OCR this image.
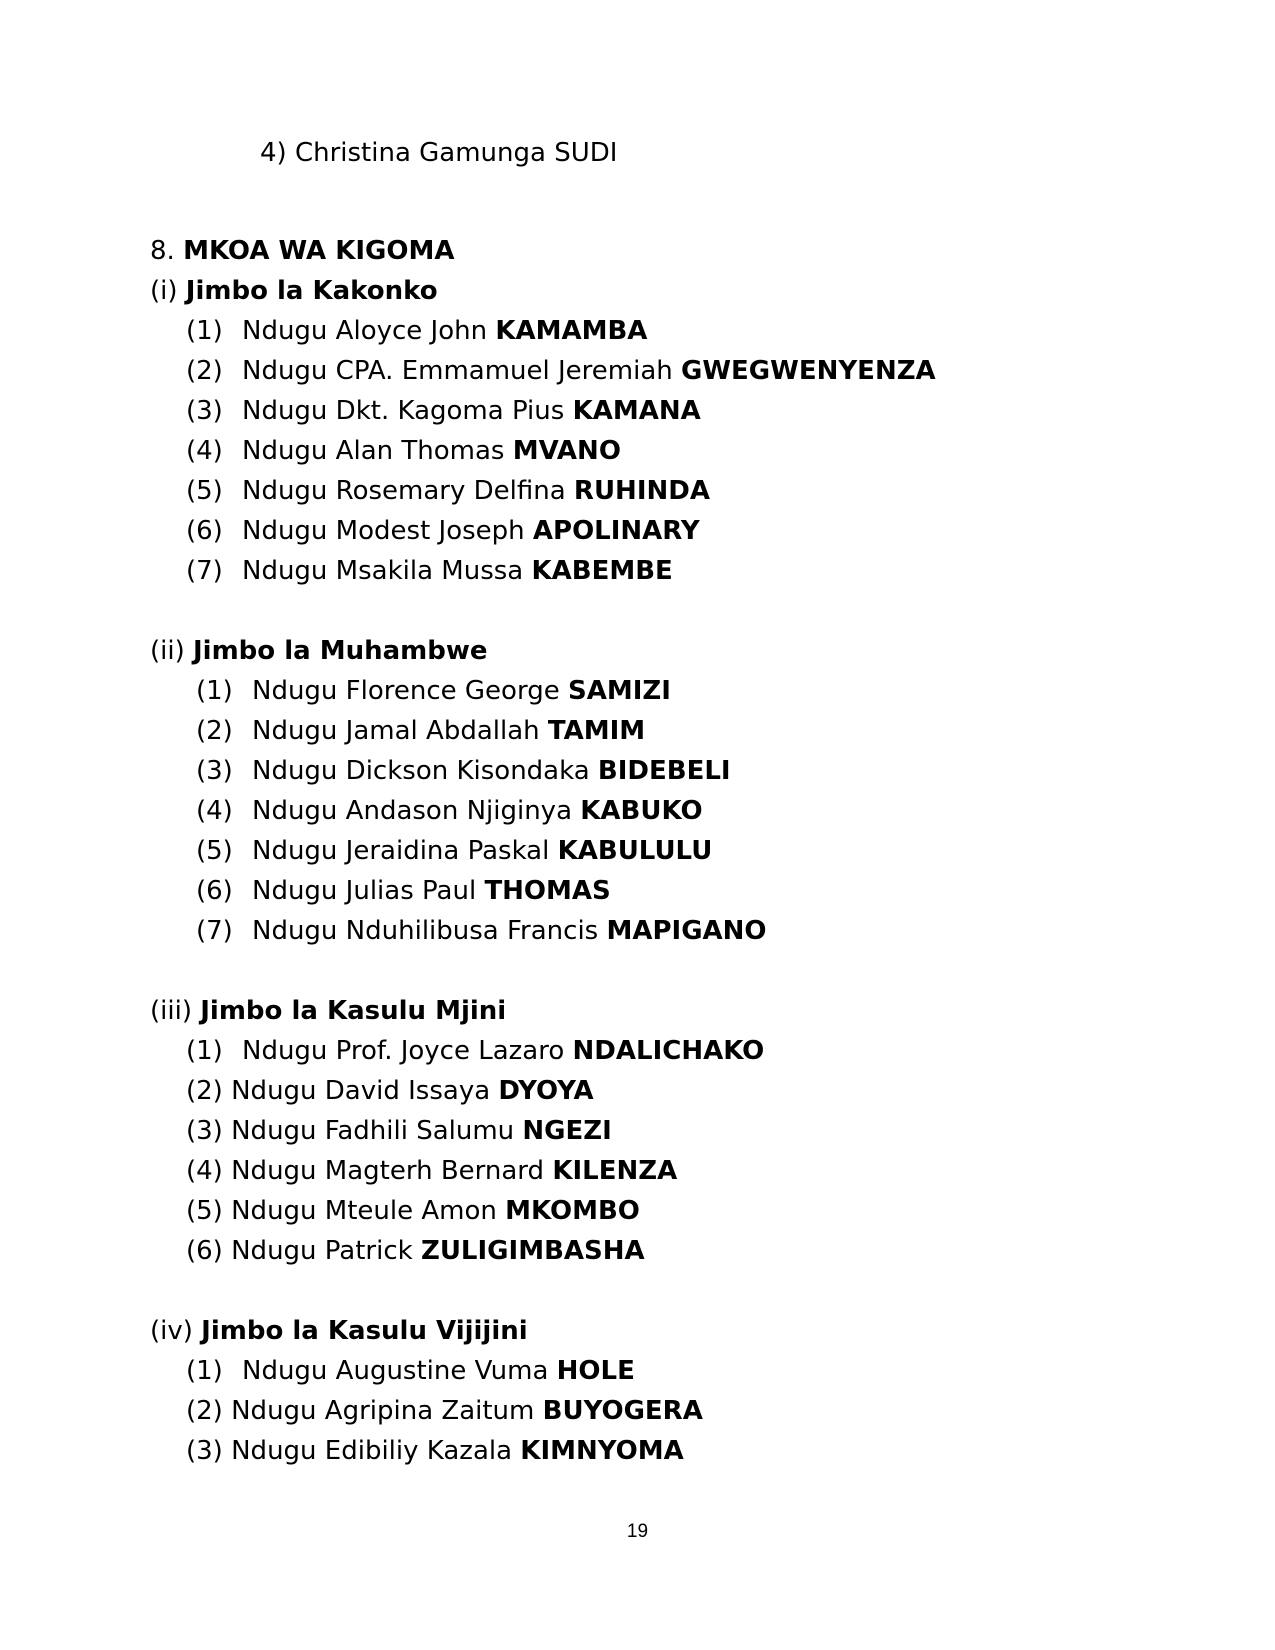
4) Christina Gamunga SUDI
8. MKOA WA KIGOMA
(i) Jimbo la Kakonko
(1) Ndugu Aloyce John KAMAMBA
(2) Ndugu CPA. Emmamuel Jeremiah GWEGWENYENZA
(3) Ndugu Dkt. Kagoma Pius KAMANA
(4) Ndugu Alan Thomas MVANO
(5) Ndugu Rosemary Delfina RUHINDA
(6) Ndugu Modest Joseph APOLINARY
(7) Ndugu Msakila Mussa KABEMBE
(ii) Jimbo la Muhambwe
(1) Ndugu Florence George SAMIZI
(2) Ndugu Jamal Abdallah TAMIM
(3) Ndugu Dickson Kisondaka BIDEBELI
(4) Ndugu Andason Njiginya KABUKO
(5) Ndugu Jeraidina Paskal KABULULU
(6) Ndugu Julias Paul THOMAS
(7) Ndugu Nduhilibusa Francis MAPIGANO
(iii) Jimbo la Kasulu Mjini
(1) Ndugu Prof. Joyce Lazaro NDALICHAKO
(2) Ndugu David Issaya DYOYA
(3) Ndugu Fadhili Salumu NGEZI
(4) Ndugu Magterh Bernard KILENZA
(5) Ndugu Mteule Amon MKOMBO
(6) Ndugu Patrick ZULIGIMBASHA
(iv) Jimbo la Kasulu Vijijini
(1) Ndugu Augustine Vuma HOLE
(2) Ndugu Agripina Zaitum BUYOGERA
(3) Ndugu Edibiliy Kazala KIMNYOMA
19
